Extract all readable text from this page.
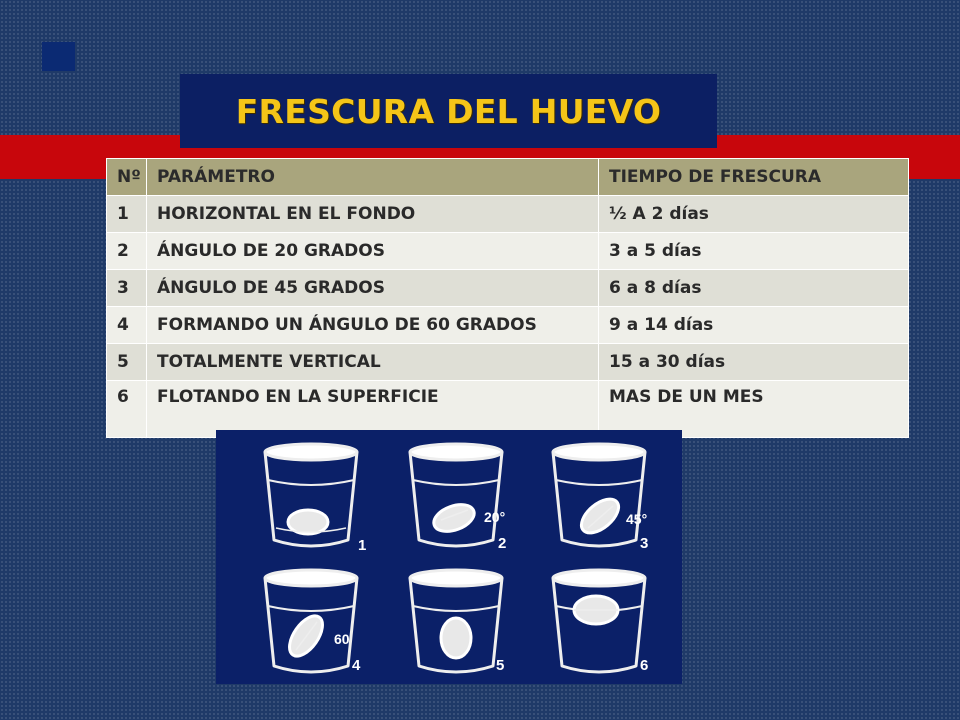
FRESCURA DEL HUEVO
Nº	PARÁMETRO	TIEMPO DE FRESCURA
1	HORIZONTAL EN EL FONDO	½ A 2 días
2	ÁNGULO DE 20 GRADOS	3 a 5 días
3	ÁNGULO DE 45 GRADOS	6 a 8 días
4	FORMANDO UN ÁNGULO DE 60 GRADOS	9 a 14 días
5	TOTALMENTE VERTICAL	15 a 30 días
6	FLOTANDO EN LA SUPERFICIE	MAS DE UN MES
1
20°
2
45°
3
60
4	5	6
